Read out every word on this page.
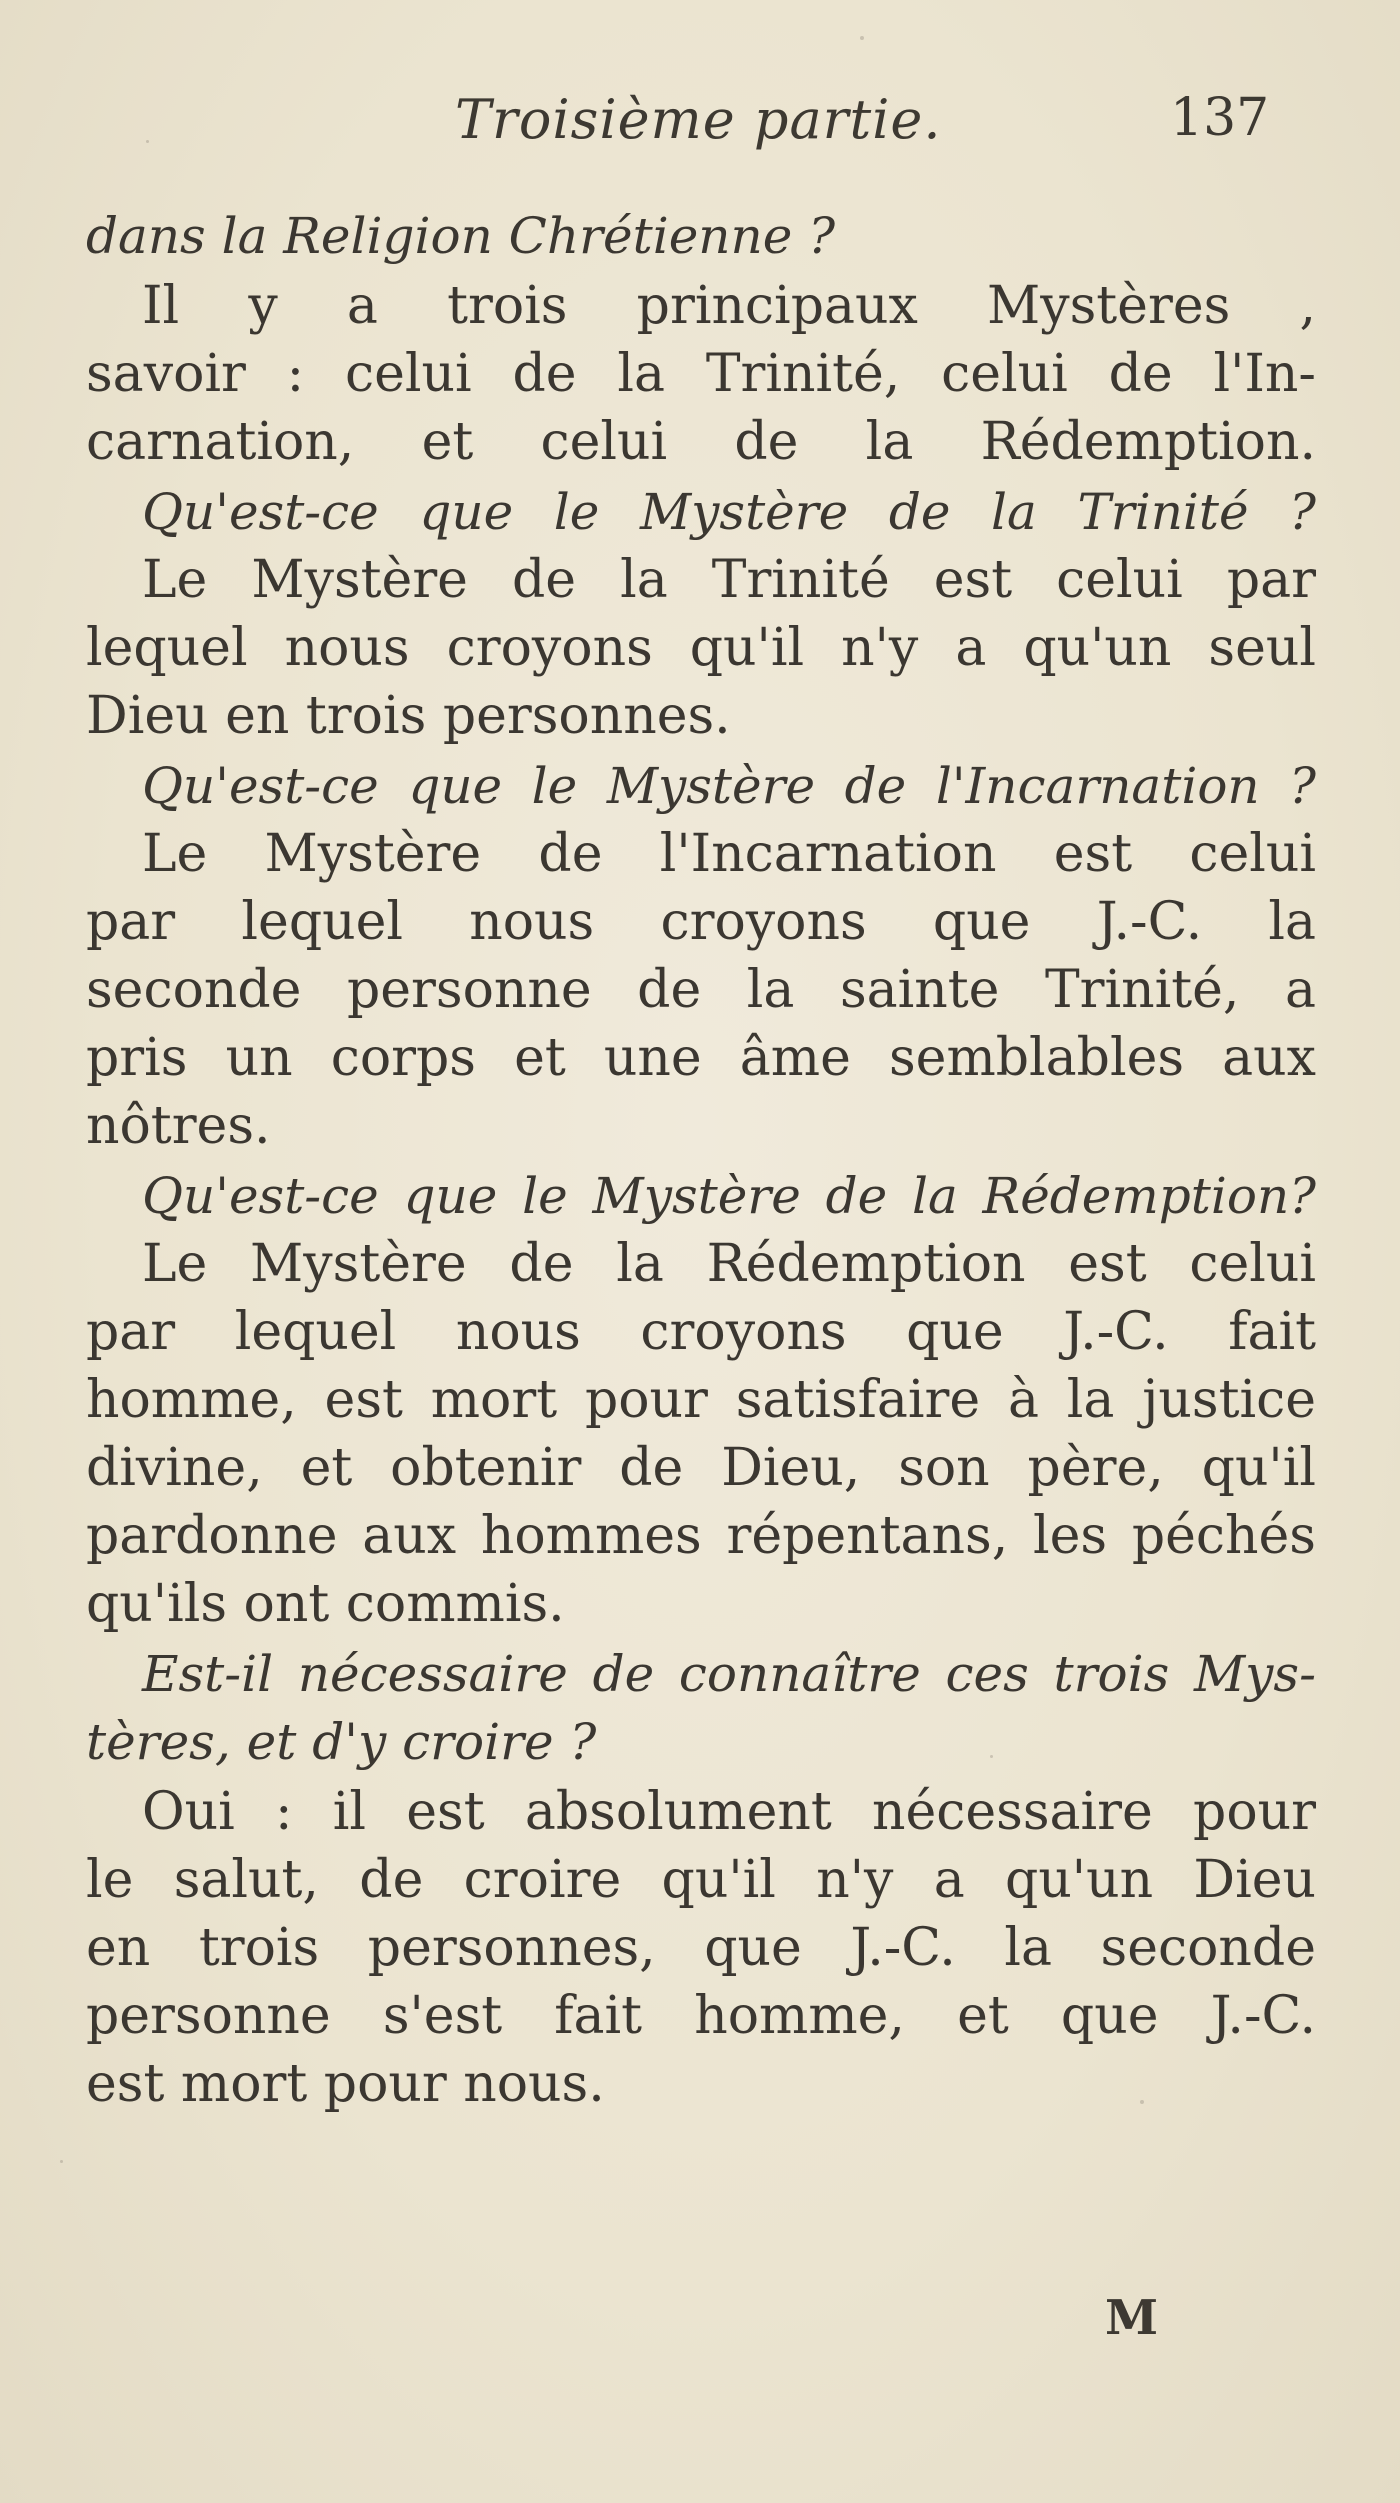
Troisième partie.	137
dans la Religion Chrétienne ?
Il y a trois principaux Mystères ,
savoir : celui de la Trinité, celui de l'In-
carnation, et celui de la Rédemption.
Qu'est-ce que le Mystère de la Trinité ?
Le Mystère de la Trinité est celui par
lequel nous croyons qu'il n'y a qu'un seul
Dieu en trois personnes.
Qu'est-ce que le Mystère de l'Incarnation ?
Le Mystère de l'Incarnation est celui
par lequel nous croyons que J.-C. la
seconde personne de la sainte Trinité, a
pris un corps et une âme semblables aux
nôtres.
Qu'est-ce que le Mystère de la Rédemption?
Le Mystère de la Rédemption est celui
par lequel nous croyons que J.-C. fait
homme, est mort pour satisfaire à la justice
divine, et obtenir de Dieu, son père, qu'il
pardonne aux hommes répentans, les péchés
qu'ils ont commis.
Est-il nécessaire de connaître ces trois Mys-
tères, et d'y croire ?
Oui : il est absolument nécessaire pour
le salut, de croire qu'il n'y a qu'un Dieu
en trois personnes, que J.-C. la seconde
personne s'est fait homme, et que J.-C.
est mort pour nous.
M
